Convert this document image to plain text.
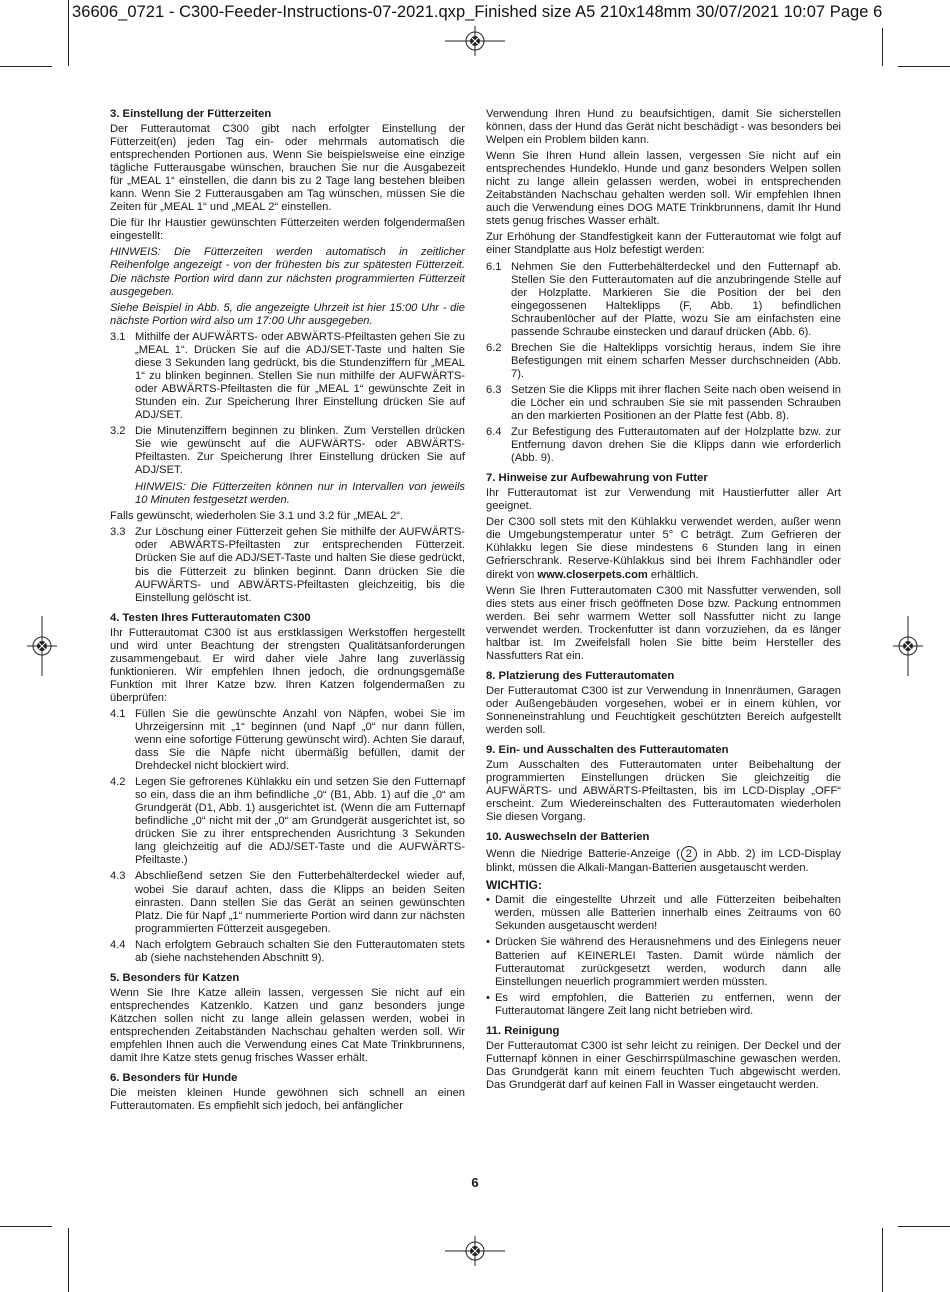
36606_0721 - C300-Feeder-Instructions-07-2021.qxp_Finished size A5 210x148mm 30/07/2021 10:07 Page 6
3. Einstellung der Fütterzeiten

Der Futterautomat C300 gibt nach erfolgter Einstellung der Fütterzeit(en) jeden Tag ein- oder mehrmals automatisch die entsprechenden Portionen aus. Wenn Sie beispielsweise eine einzige tägliche Futterausgabe wünschen, brauchen Sie nur die Ausgabezeit für „MEAL 1“ einstellen, die dann bis zu 2 Tage lang bestehen bleiben kann. Wenn Sie 2 Futterausgaben am Tag wünschen, müssen Sie die Zeiten für „MEAL 1“ und „MEAL 2“ einstellen.

Die für Ihr Haustier gewünschten Fütterzeiten werden folgendermaßen eingestellt:

HINWEIS: Die Fütterzeiten werden automatisch in zeitlicher Reihenfolge angezeigt - von der frühesten bis zur spätesten Fütterzeit. Die nächste Portion wird dann zur nächsten programmierten Fütterzeit ausgegeben.

Siehe Beispiel in Abb. 5, die angezeigte Uhrzeit ist hier 15:00 Uhr - die nächste Portion wird also um 17:00 Uhr ausgegeben.

3.1 Mithilfe der AUFWÄRTS- oder ABWÄRTS-Pfeiltasten gehen Sie zu „MEAL 1“. Drücken Sie auf die ADJ/SET-Taste und halten Sie diese 3 Sekunden lang gedrückt, bis die Stundenziffern für „MEAL 1“ zu blinken beginnen. Stellen Sie nun mithilfe der AUFWÄRTS- oder ABWÄRTS-Pfeiltasten die für „MEAL 1“ gewünschte Zeit in Stunden ein. Zur Speicherung Ihrer Einstellung drücken Sie auf ADJ/SET.
3.2 Die Minutenziffern beginnen zu blinken. Zum Verstellen drücken Sie wie gewünscht auf die AUFWÄRTS- oder ABWÄRTS-Pfeiltasten. Zur Speicherung Ihrer Einstellung drücken Sie auf ADJ/SET.
HINWEIS: Die Fütterzeiten können nur in Intervallen von jeweils 10 Minuten festgesetzt werden.

Falls gewünscht, wiederholen Sie 3.1 und 3.2 für „MEAL 2“.

3.3 Zur Löschung einer Fütterzeit gehen Sie mithilfe der AUFWÄRTS- oder ABWÄRTS-Pfeiltasten zur entsprechenden Fütterzeit. Drücken Sie auf die ADJ/SET-Taste und halten Sie diese gedrückt, bis die Fütterzeit zu blinken beginnt. Dann drücken Sie die AUFWÄRTS- und ABWÄRTS-Pfeiltasten gleichzeitig, bis die Einstellung gelöscht ist.
4. Testen Ihres Futterautomaten C300

Ihr Futterautomat C300 ist aus erstklassigen Werkstoffen hergestellt und wird unter Beachtung der strengsten Qualitätsanforderungen zusammengebaut. Er wird daher viele Jahre lang zuverlässig funktionieren. Wir empfehlen Ihnen jedoch, die ordnungsgemäße Funktion mit Ihrer Katze bzw. Ihren Katzen folgendermaßen zu überprüfen:

4.1 Füllen Sie die gewünschte Anzahl von Näpfen, wobei Sie im Uhrzeigersinn mit „1“ beginnen (und Napf „0“ nur dann füllen, wenn eine sofortige Fütterung gewünscht wird). Achten Sie darauf, dass Sie die Näpfe nicht übermäßig befüllen, damit der Drehdeckel nicht blockiert wird.
4.2 Legen Sie gefrorenes Kühlakku ein und setzen Sie den Futternapf so ein, dass die an ihm befindliche „0“ (B1, Abb. 1) auf die „0“ am Grundgerät (D1, Abb. 1) ausgerichtet ist. (Wenn die am Futternapf befindliche „0“ nicht mit der „0“ am Grundgerät ausgerichtet ist, so drücken Sie zu ihrer entsprechenden Ausrichtung 3 Sekunden lang gleichzeitig auf die ADJ/SET-Taste und die AUFWÄRTS-Pfeiltaste.)
4.3 Abschließend setzen Sie den Futterbehälterdeckel wieder auf, wobei Sie darauf achten, dass die Klipps an beiden Seiten einrasten. Dann stellen Sie das Gerät an seinen gewünschten Platz. Die für Napf „1“ nummerierte Portion wird dann zur nächsten programmierten Fütterzeit ausgegeben.
4.4 Nach erfolgtem Gebrauch schalten Sie den Futterautomaten stets ab (siehe nachstehenden Abschnitt 9).
5. Besonders für Katzen

Wenn Sie Ihre Katze allein lassen, vergessen Sie nicht auf ein entsprechendes Katzenklo. Katzen und ganz besonders junge Kätzchen sollen nicht zu lange allein gelassen werden, wobei in entsprechenden Zeitabständen Nachschau gehalten werden soll. Wir empfehlen Ihnen auch die Verwendung eines Cat Mate Trinkbrunnens, damit Ihre Katze stets genug frisches Wasser erhält.

6. Besonders für Hunde

Die meisten kleinen Hunde gewöhnen sich schnell an einen Futterautomaten. Es empfiehlt sich jedoch, bei anfänglicher

Verwendung Ihren Hund zu beaufsichtigen, damit Sie sicherstellen können, dass der Hund das Gerät nicht beschädigt - was besonders bei Welpen ein Problem bilden kann.

Wenn Sie Ihren Hund allein lassen, vergessen Sie nicht auf ein entsprechendes Hundeklo. Hunde und ganz besonders Welpen sollen nicht zu lange allein gelassen werden, wobei in entsprechenden Zeitabständen Nachschau gehalten werden soll. Wir empfehlen Ihnen auch die Verwendung eines DOG MATE Trinkbrunnens, damit Ihr Hund stets genug frisches Wasser erhält.

Zur Erhöhung der Standfestigkeit kann der Futterautomat wie folgt auf einer Standplatte aus Holz befestigt werden:

6.1 Nehmen Sie den Futterbehälterdeckel und den Futternapf ab. Stellen Sie den Futterautomaten auf die anzubringende Stelle auf der Holzplatte. Markieren Sie die Position der bei den eingegossenen Halteklipps (F, Abb. 1) befindlichen Schraubenlöcher auf der Platte, wozu Sie am einfachsten eine passende Schraube einstecken und darauf drücken (Abb. 6).
6.2 Brechen Sie die Halteklipps vorsichtig heraus, indem Sie ihre Befestigungen mit einem scharfen Messer durchschneiden (Abb. 7).
6.3 Setzen Sie die Klipps mit ihrer flachen Seite nach oben weisend in die Löcher ein und schrauben Sie sie mit passenden Schrauben an den markierten Positionen an der Platte fest (Abb. 8).
6.4 Zur Befestigung des Futterautomaten auf der Holzplatte bzw. zur Entfernung davon drehen Sie die Klipps dann wie erforderlich (Abb. 9).
7. Hinweise zur Aufbewahrung von Futter

Ihr Futterautomat ist zur Verwendung mit Haustierfutter aller Art geeignet.

Der C300 soll stets mit den Kühlakku verwendet werden, außer wenn die Umgebungstemperatur unter 5° C beträgt. Zum Gefrieren der Kühlakku legen Sie diese mindestens 6 Stunden lang in einen Gefrierschrank. Reserve-Kühlakkus sind bei Ihrem Fachhändler oder direkt von www.closerpets.com erhältlich.

Wenn Sie Ihren Futterautomaten C300 mit Nassfutter verwenden, soll dies stets aus einer frisch geöffneten Dose bzw. Packung entnommen werden. Bei sehr warmem Wetter soll Nassfutter nicht zu lange verwendet werden. Trockenfutter ist dann vorzuziehen, da es länger haltbar ist. Im Zweifelsfall holen Sie bitte beim Hersteller des Nassfutters Rat ein.

8. Platzierung des Futterautomaten

Der Futterautomat C300 ist zur Verwendung in Innenräumen, Garagen oder Außengebäuden vorgesehen, wobei er in einem kühlen, vor Sonneneinstrahlung und Feuchtigkeit geschützten Bereich aufgestellt werden soll.

9. Ein- und Ausschalten des Futterautomaten

Zum Ausschalten des Futterautomaten unter Beibehaltung der programmierten Einstellungen drücken Sie gleichzeitig die AUFWÄRTS- und ABWÄRTS-Pfeiltasten, bis im LCD-Display „OFF“ erscheint. Zum Wiedereinschalten des Futterautomaten wiederholen Sie diesen Vorgang.

10. Auswechseln der Batterien

Wenn die Niedrige Batterie-Anzeige ( 2 in Abb. 2) im LCD-Display blinkt, müssen die Alkali-Mangan-Batterien ausgetauscht werden.

WICHTIG:
• Damit die eingestellte Uhrzeit und alle Fütterzeiten beibehalten werden, müssen alle Batterien innerhalb eines Zeitraums von 60 Sekunden ausgetauscht werden!
• Drücken Sie während des Herausnehmens und des Einlegens neuer Batterien auf KEINERLEI Tasten. Damit würde nämlich der Futterautomat zurückgesetzt werden, wodurch dann alle Einstellungen neuerlich programmiert werden müssten.
• Es wird empfohlen, die Batterien zu entfernen, wenn der Futterautomat längere Zeit lang nicht betrieben wird.
11. Reinigung

Der Futterautomat C300 ist sehr leicht zu reinigen. Der Deckel und der Futternapf können in einer Geschirrspülmaschine gewaschen werden. Das Grundgerät kann mit einem feuchten Tuch abgewischt werden. Das Grundgerät darf auf keinen Fall in Wasser eingetaucht werden.

6
